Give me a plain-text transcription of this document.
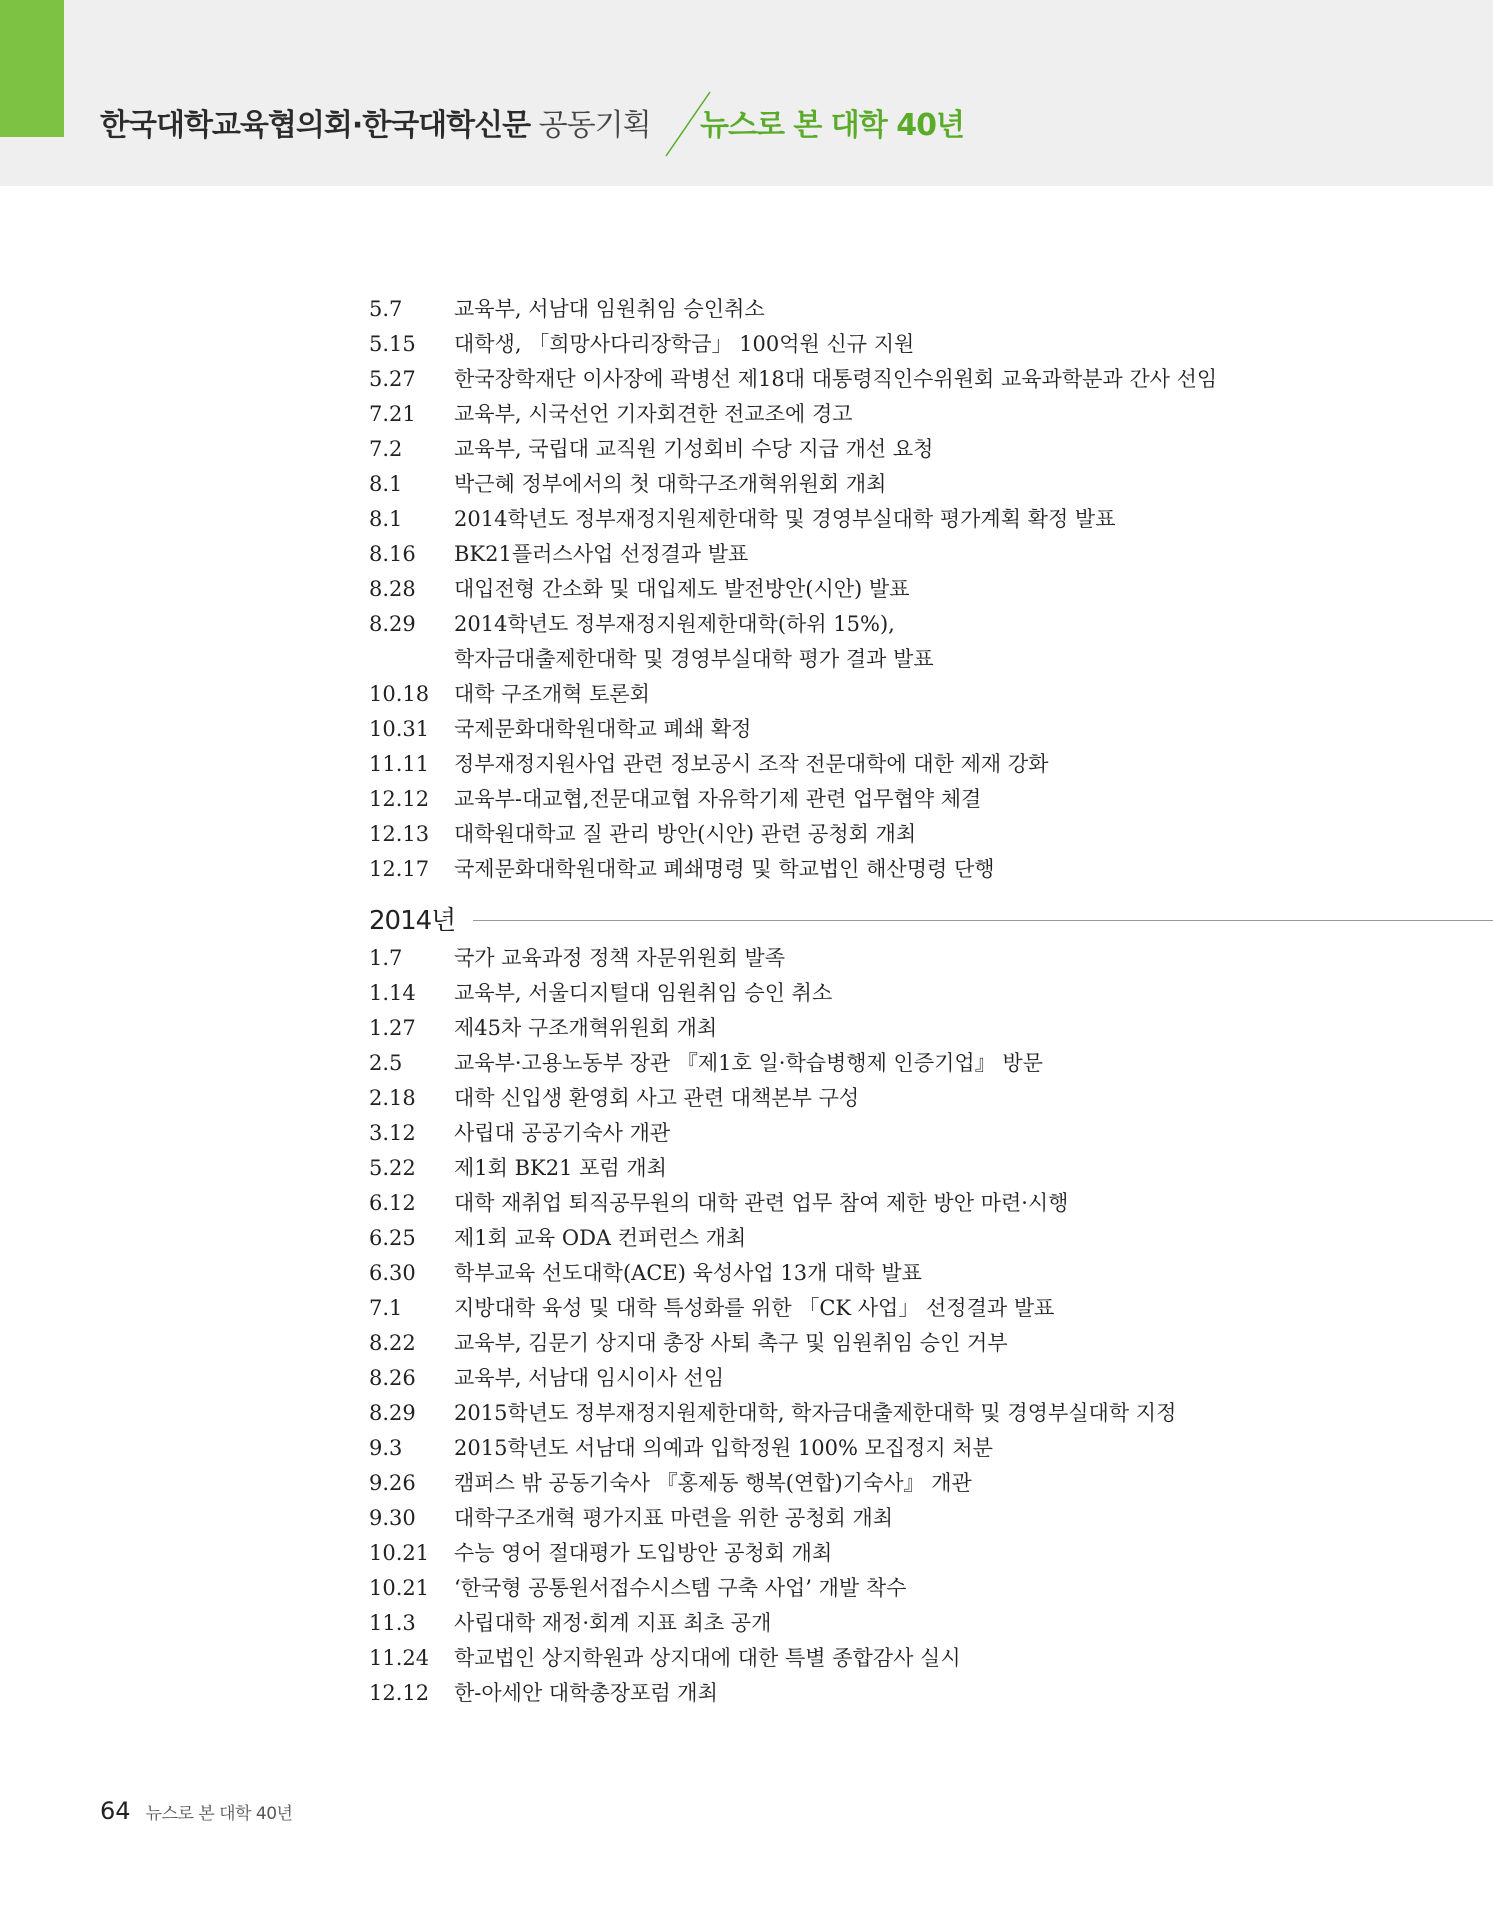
한국대학교육협의회·한국대학신문 공동기획 뉴스로 본 대학 40년
5.7	교육부, 서남대 임원취임 승인취소
5.15	대학생, 「희망사다리장학금」 100억원 신규 지원
5.27	한국장학재단 이사장에 곽병선 제18대 대통령직인수위원회 교육과학분과 간사 선임
7.21	교육부, 시국선언 기자회견한 전교조에 경고
7.2	교육부, 국립대 교직원 기성회비 수당 지급 개선 요청
8.1	박근혜 정부에서의 첫 대학구조개혁위원회 개최
8.1	2014학년도 정부재정지원제한대학 및 경영부실대학 평가계획 확정 발표
8.16	BK21플러스사업 선정결과 발표
8.28	대입전형 간소화 및 대입제도 발전방안(시안) 발표
8.29	2014학년도 정부재정지원제한대학(하위 15%),
학자금대출제한대학 및 경영부실대학 평가 결과 발표
10.18	대학 구조개혁 토론회
10.31	국제문화대학원대학교 폐쇄 확정
11.11	정부재정지원사업 관련 정보공시 조작 전문대학에 대한 제재 강화
12.12	교육부-대교협,전문대교협 자유학기제 관련 업무협약 체결
12.13	대학원대학교 질 관리 방안(시안) 관련 공청회 개최
12.17	국제문화대학원대학교 폐쇄명령 및 학교법인 해산명령 단행
2014년
1.7	국가 교육과정 정책 자문위원회 발족
1.14	교육부, 서울디지털대 임원취임 승인 취소
1.27	제45차 구조개혁위원회 개최
2.5	교육부·고용노동부 장관 『제1호 일·학습병행제 인증기업』 방문
2.18	대학 신입생 환영회 사고 관련 대책본부 구성
3.12	사립대 공공기숙사 개관
5.22	제1회 BK21 포럼 개최
6.12	대학 재취업 퇴직공무원의 대학 관련 업무 참여 제한 방안 마련·시행
6.25	제1회 교육 ODA 컨퍼런스 개최
6.30	학부교육 선도대학(ACE) 육성사업 13개 대학 발표
7.1	지방대학 육성 및 대학 특성화를 위한 「CK 사업」 선정결과 발표
8.22	교육부, 김문기 상지대 총장 사퇴 촉구 및 임원취임 승인 거부
8.26	교육부, 서남대 임시이사 선임
8.29	2015학년도 정부재정지원제한대학, 학자금대출제한대학 및 경영부실대학 지정
9.3	2015학년도 서남대 의예과 입학정원 100% 모집정지 처분
9.26	캠퍼스 밖 공동기숙사 『홍제동 행복(연합)기숙사』 개관
9.30	대학구조개혁 평가지표 마련을 위한 공청회 개최
10.21	수능 영어 절대평가 도입방안 공청회 개최
10.21	‘한국형 공통원서접수시스템 구축 사업’ 개발 착수
11.3	사립대학 재정·회계 지표 최초 공개
11.24	학교법인 상지학원과 상지대에 대한 특별 종합감사 실시
12.12	한-아세안 대학총장포럼 개최
64 뉴스로 본 대학 40년
